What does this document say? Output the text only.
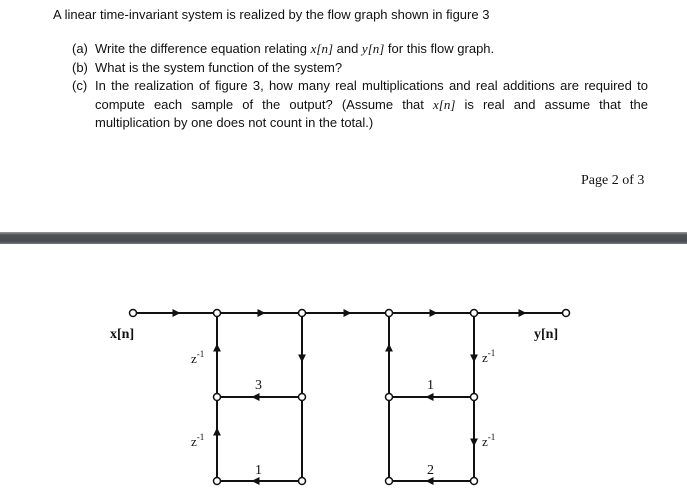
A linear time-invariant system is realized by the flow graph shown in figure 3

(a) Write the difference equation relating x[n] and y[n] for this flow graph.
(b) What is the system function of the system?
(c) In the realization of figure 3, how many real multiplications and real additions are required to compute each sample of the output? (Assume that x[n] is real and assume that the multiplication by one does not count in the total.)
Page 2 of 3
x[n]	y[n]
$z^{-1}$
$z^{-1}$
$z^{-1}$
$z^{-1}$
3
1
1
2
